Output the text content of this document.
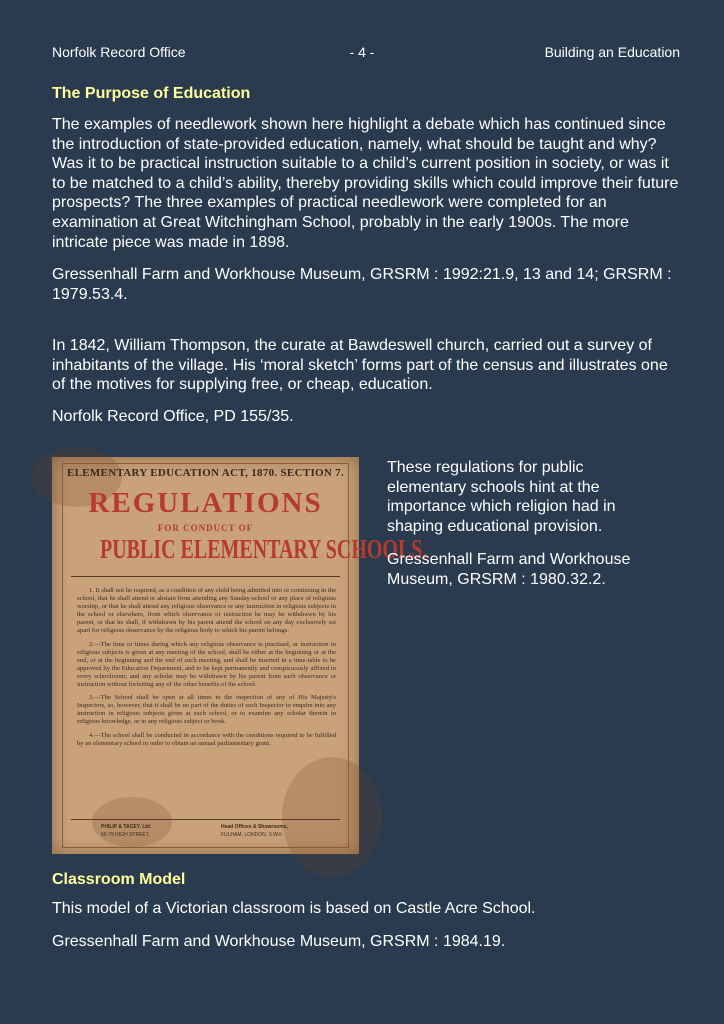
Norfolk Record Office	- 4 -	Building an Education
The Purpose of Education

The examples of needlework shown here highlight a debate which has continued since the introduction of state-provided education, namely, what should be taught and why? Was it to be practical instruction suitable to a child’s current position in society, or was it to be matched to a child’s ability, thereby providing skills which could improve their future prospects? The three examples of practical needlework were completed for an examination at Great Witchingham School, probably in the early 1900s. The more intricate piece was made in 1898.

Gressenhall Farm and Workhouse Museum, GRSRM : 1992:21.9, 13 and 14; GRSRM : 1979.53.4.

In 1842, William Thompson, the curate at Bawdeswell church, carried out a survey of inhabitants of the village. His ‘moral sketch’ forms part of the census and illustrates one of the motives for supplying free, or cheap, education.

Norfolk Record Office, PD 155/35.

ELEMENTARY EDUCATION ACT, 1870. SECTION 7.
REGULATIONS
FOR CONDUCT OF
PUBLIC ELEMENTARY SCHOOLS.

1. It shall not be required, as a condition of any child being admitted into or continuing in the school, that he shall attend or abstain from attending any Sunday-school or any place of religious worship, or that he shall attend any religious observance or any instruction in religious subjects in the school or elsewhere, from which observance or instruction he may be withdrawn by his parent, or that he shall, if withdrawn by his parent attend the school on any day exclusively set apart for religious observance by the religious body to which his parent belongs.

2.—The time or times during which any religious observance is practised, or instruction in religious subjects is given at any meeting of the school, shall be either at the beginning or at the end, or at the beginning and the end of such meeting, and shall be inserted in a time-table to be approved by the Education Department, and to be kept permanently and conspicuously affixed in every schoolroom; and any scholar may be withdrawn by his parent from such observance or instruction without forfeiting any of the other benefits of the school.

3.—The School shall be open at all times to the inspection of any of His Majesty's Inspectors, so, however, that it shall be no part of the duties of such Inspector to enquire into any instruction in religious subjects given at such school, or to examine any scholar therein in religious knowledge, or in any religious subject or book.

4.—The school shall be conducted in accordance with the conditions required to be fulfilled by an elementary school in order to obtain an annual parliamentary grant.

PHILIP & TACEY, Ltd.
69-79 HIGH STREET,
Head Offices & Showrooms,
FULHAM, LONDON, S.W.6

These regulations for public elementary schools hint at the importance which religion had in shaping educational provision.

Gressenhall Farm and Workhouse Museum, GRSRM : 1980.32.2.

Classroom Model

This model of a Victorian classroom is based on Castle Acre School.

Gressenhall Farm and Workhouse Museum, GRSRM : 1984.19.
